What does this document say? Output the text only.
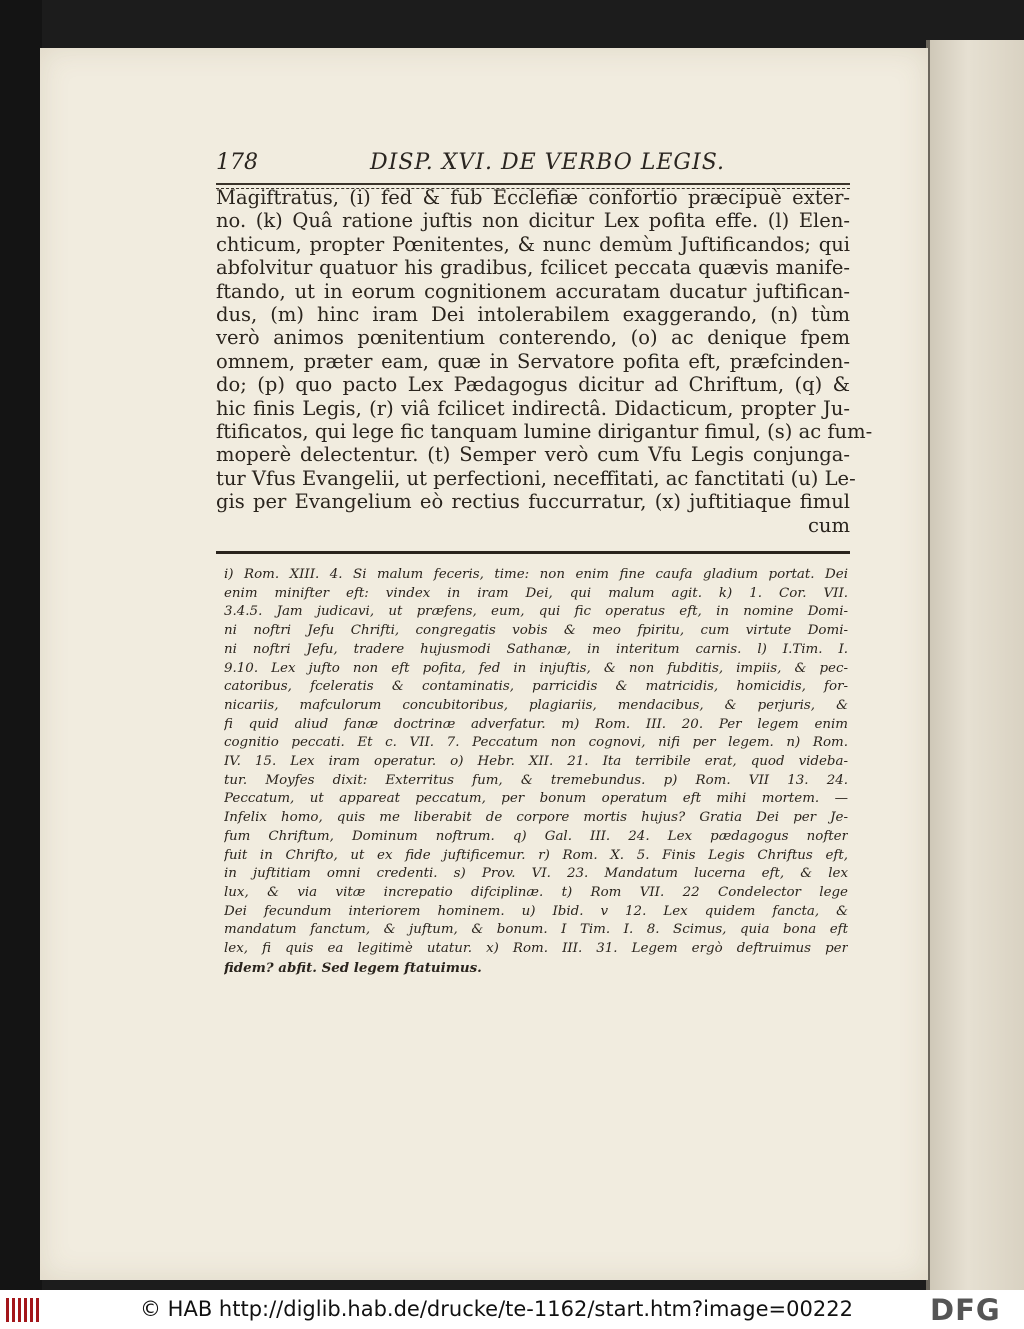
178	DISP. XVI. DE VERBO LEGIS.
Magiftratus, (i) fed & fub Ecclefiæ confortio præcipuè exter-
no. (k) Quâ ratione juftis non dicitur Lex pofita effe. (l) Elen-
chticum, propter Pœnitentes, & nunc demùm Juftificandos; qui
abfolvitur quatuor his gradibus, fcilicet peccata quævis manife-
ftando, ut in eorum cognitionem accuratam ducatur juftifican-
dus, (m) hinc iram Dei intolerabilem exaggerando, (n) tùm
verò animos pœnitentium conterendo, (o) ac denique fpem
omnem, præter eam, quæ in Servatore pofita eft, præfcinden-
do; (p) quo pacto Lex Pædagogus dicitur ad Chriftum, (q) &
hic finis Legis, (r) viâ fcilicet indirectâ. Didacticum, propter Ju-
ftificatos, qui lege fic tanquam lumine dirigantur fimul, (s) ac fum-
moperè delectentur. (t) Semper verò cum Vfu Legis conjunga-
tur Vfus Evangelii, ut perfectioni, neceffitati, ac fanctitati (u) Le-
gis per Evangelium eò rectius fuccurratur, (x) juftitiaque fimul
cum
i) Rom. XIII. 4. Si malum feceris, time: non enim fine caufa gladium portat. Dei
enim minifter eft: vindex in iram Dei, qui malum agit. k) 1. Cor. VII.
3.4.5. Jam judicavi, ut præfens, eum, qui fic operatus eft, in nomine Domi-
ni noftri Jefu Chrifti, congregatis vobis & meo fpiritu, cum virtute Domi-
ni noftri Jefu, tradere hujusmodi Sathanæ, in interitum carnis. l) I.Tim. I.
9.10. Lex jufto non eft pofita, fed in injuftis, & non fubditis, impiis, & pec-
catoribus, fceleratis & contaminatis, parricidis & matricidis, homicidis, for-
nicariis, mafculorum concubitoribus, plagiariis, mendacibus, & perjuris, &
fi quid aliud fanæ doctrinæ adverfatur. m) Rom. III. 20. Per legem enim
cognitio peccati. Et c. VII. 7. Peccatum non cognovi, nifi per legem. n) Rom.
IV. 15. Lex iram operatur. o) Hebr. XII. 21. Ita terribile erat, quod videba-
tur. Moyfes dixit: Exterritus fum, & tremebundus. p) Rom. VII 13. 24.
Peccatum, ut appareat peccatum, per bonum operatum eft mihi mortem. —
Infelix homo, quis me liberabit de corpore mortis hujus? Gratia Dei per Je-
fum Chriftum, Dominum noftrum. q) Gal. III. 24. Lex pædagogus nofter
fuit in Chrifto, ut ex fide juftificemur. r) Rom. X. 5. Finis Legis Chriftus eft,
in juftitiam omni credenti. s) Prov. VI. 23. Mandatum lucerna eft, & lex
lux, & via vitæ increpatio difciplinæ. t) Rom VII. 22 Condelector lege
Dei fecundum interiorem hominem. u) Ibid. v 12. Lex quidem fancta, &
mandatum fanctum, & juftum, & bonum. I Tim. I. 8. Scimus, quia bona eft
lex, fi quis ea legitimè utatur. x) Rom. III. 31. Legem ergò deftruimus per
fidem? abfit. Sed legem ftatuimus.
© HAB http://diglib.hab.de/drucke/te-1162/start.htm?image=00222	DFG
